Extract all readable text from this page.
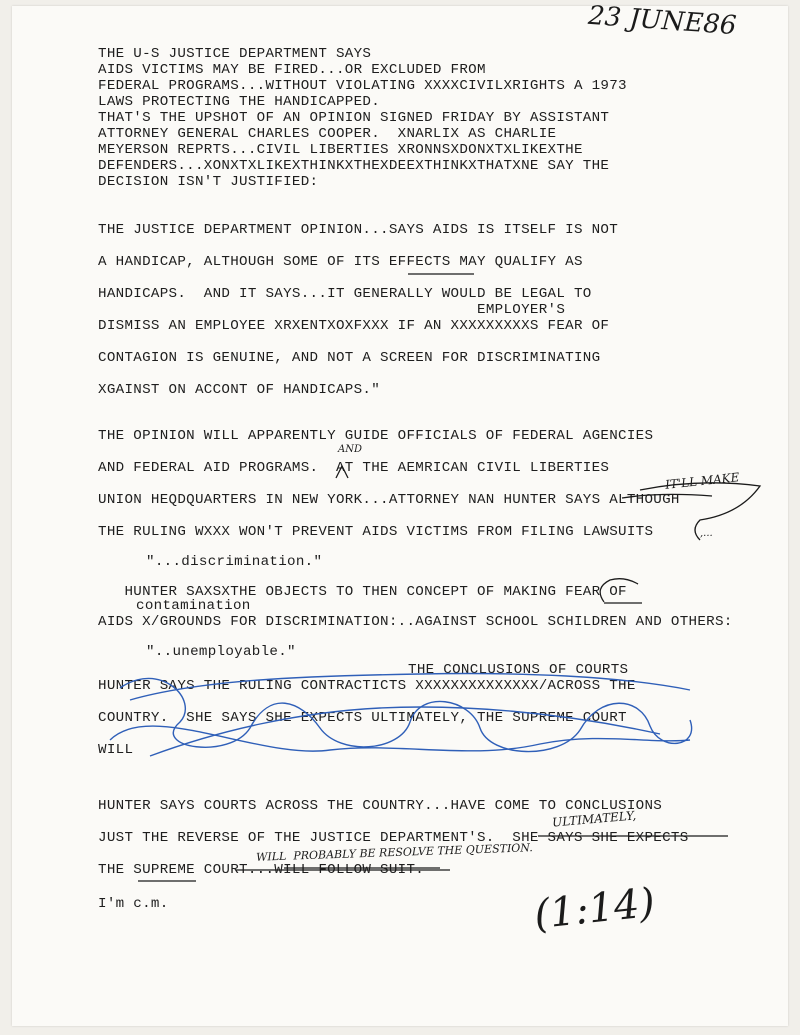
23 JUNE86
THE U-S JUSTICE DEPARTMENT SAYS
AIDS VICTIMS MAY BE FIRED...OR EXCLUDED FROM
FEDERAL PROGRAMS...WITHOUT VIOLATING XXXXCIVILXRIGHTS A 1973
LAWS PROTECTING THE HANDICAPPED.
THAT'S THE UPSHOT OF AN OPINION SIGNED FRIDAY BY ASSISTANT
ATTORNEY GENERAL CHARLES COOPER.  XNARLIX AS CHARLIE
MEYERSON REPRTS...CIVIL LIBERTIES XRONNSXDONXTXLIKEXTHE
DEFENDERS...XONXTXLIKEXTHINKXTHEXDEEXTHINKXTHATXNE SAY THE
DECISION ISN'T JUSTIFIED:
THE JUSTICE DEPARTMENT OPINION...SAYS AIDS IS ITSELF IS NOT
A HANDICAP, ALTHOUGH SOME OF ITS EFFECTS MAY QUALIFY AS
HANDICAPS.  AND IT SAYS...IT GENERALLY WOULD BE LEGAL TO
DISMISS AN EMPLOYEE XRXENTXOXFXXX IF AN XXXXXXXXXS FEAR OF
CONTAGION IS GENUINE, AND NOT A SCREEN FOR DISCRIMINATING
XGAINST ON ACCONT OF HANDICAPS."
EMPLOYER'S
THE OPINION WILL APPARENTLY GUIDE OFFICIALS OF FEDERAL AGENCIES
AND FEDERAL AID PROGRAMS.  AT THE AEMRICAN CIVIL LIBERTIES
UNION HEQDQUARTERS IN NEW YORK...ATTORNEY NAN HUNTER SAYS ALTHOUGH
THE RULING WXXX WON'T PREVENT AIDS VICTIMS FROM FILING LAWSUITS
AND
IT'LL MAKE
,...
"...discrimination."
HUNTER SAXSXTHE OBJECTS TO THEN CONCEPT OF MAKING FEAR OF
contamination
AIDS X/GROUNDS FOR DISCRIMINATION:..AGAINST SCHOOL SCHILDREN AND OTHERS:
"..unemployable."
THE CONCLUSIONS OF COURTS
HUNTER SAYS THE RULING CONTRACTICTS XXXXXXXXXXXXXX/ACROSS THE
COUNTRY.  SHE SAYS SHE EXPECTS ULTIMATELY, THE SUPREME COURT
WILL
HUNTER SAYS COURTS ACROSS THE COUNTRY...HAVE COME TO CONCLUSIONS
JUST THE REVERSE OF THE JUSTICE DEPARTMENT'S.  SHE SAYS SHE EXPECTS
THE SUPREME COURT...WILL FOLLOW SUIT.
ULTIMATELY,
WILL  PROBABLY BE RESOLVE THE QUESTION.
I'm c.m.	(1:14)
